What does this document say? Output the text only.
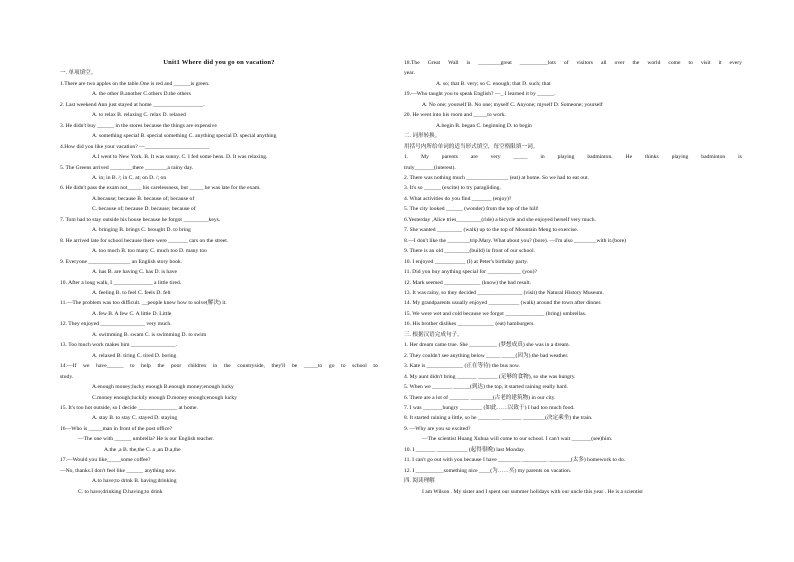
Unit1 Where did you go on vacation?
一. 单项填空。
1.There are two apples on the table.One is red and ______is green.
A. the other B.another C.others D.the others
2. Last weekend Ann just stayed at home __________________.
A. to relax B. relaxing C. relax D. relaxed
3. He didn't buy ______ in the stores because the things are expensive
A. something special B. special something C. anything special D. special anything
4.How did you like your vacation? —_______________________
A.I went to New York. B. It was sunny. C. I fed some hens. D. It was relaxing.
5. The Greens arrived ________there ________a rainy day.
A. in; in B. /; in C. at; on D. /; on
6. He didn't pass the exam not_____ his carelessness, but _____ he was late for the exam.
A.because; because B. because of; because of
C. because of; because D. because; because of
7. Tom had to stay outside his house because he forgot _________keys.
A. bringing B. brings C. brought D. to bring
8. He arrived late for school because there were _______ cars on the street.
A. too much B. too many C. much too D. many too
9. Everyone _______________ an English story book.
A. has B. are having C. has D. is have
10. After a long walk, I ______________ a little tired.
A. feeling B. to feel C. feels D. felt
11.—The problem was too difficult. __people knew how to solve(解决) it.
A .few B. A few C. A little D. Little
12. They enjoyed ________________ very much.
A. swimming B. swam C. is swimming D. to swim
13. Too much work makes him ________________.
A. relaxed B. tiring C. tired D. boring
14.—If we have______ to help the poor children in the countryside, they'll be _____to go to school to
study.
A.enough money;lucky enough B.enough money;enough lucky
C.money enough;luckily enough D.money enough;enough lucky
15. It's too hot outside, so I decide ______________ at home.
A. stay B. to stay C. stayed D. staying
16—Who is _____man in front of the post office?
—The one with ______ umbrella? He is our English teacher.
A.the ,a B. the,the C. a ,an D.a,the
17.—Would you like_____some coffee?
—No, thanks.I don't feel like ______ anything now.
A.to have;to drink B. having;drinking
C. to have;drinking D.having;to drink
18.The Great Wall is ________great __________lots of visitors all over the world come to visit it every
year.
A. so; that B. very; so C. enough; that D. such; that
19.—Who taught you to speak English? —_ I learned it by ______.
A. No one; yourself B. No one; myself C. Anyone; myself D. Someone; yourself
20. He went into his room and _____to work.
A.begin B. began C. beginning D. to begin
二. 词形转换。
用括号内所给单词的适当形式填空，每空格限填一词。
1. My parents are very _____ in playing badminton. He thinks playing badminton is
truly_______(interest).
2. There was nothing much _______________ (eat) at home. So we had to eat out.
3. It's so ______ (excite) to try paragliding.
4. What activities do you find _______ (enjoy)?
5. The city looked ______ (wonder) from the top of the hill!
6.Yesterday ,Alice tries_________(ride) a bicycle and she enjoyed herself very much.
7. She wanted _________ (walk) up to the top of Mountain Meng to exercise.
8.—I don't like the ________trip.Mary. What about you? (bore). —I'm also ________with it.(bore)
9. There is an old _________(build) in front of our school.
10. I enjoyed ___________ (I) at Peter's birthday party.
11. Did you buy anything special for ____________ (you)?
12. Mark seemed _____________ (know) the bad result.
13. It was rainy, so they decided ________________ (visit) the Natural History Museum.
14. My grandparents usually enjoyed ___________ (walk) around the town after dinner.
15. We were wet and cold because we forgot ______________ (bring) umbrellas.
16. His brother dislikes _____________ (eat) hamburgers.
三. 根据汉语完成句子。
1. Her dream came true. She __________ (梦想成真) she was in a dream.
2. They couldn't see anything below _____ _____(因为) the bad weather.
3. Kate is _____________ (正在等待) the bus now.
4. My aunt didn't bring _______ _______ (足够的食物), so she was hungry.
5. When we _______ ______(到达) the top, it started raining really hard.
6. There are a lot of _______ ________(古老的建筑物) in our city.
7. I was _______hungry ________ (如此……以致于) I had too much food.
8. It started raining a little, so he ________ _______ ________(决定乘坐) the train.
9. —Why are you so excited?
—The scientist Huang Xuhua will come to our school. I can't wait _______(see)him.
10. I _______ ___________ (起得很晚) last Monday.
11. I can't go out with you because I have ________ _________ ________(太多) homework to do.
12. I __________something nice ____(为……买) my parents on vacation.
四. 阅读理解
I am Wilson . My sister and I spent our summer holidays with our uncle this year . He is a scientist
